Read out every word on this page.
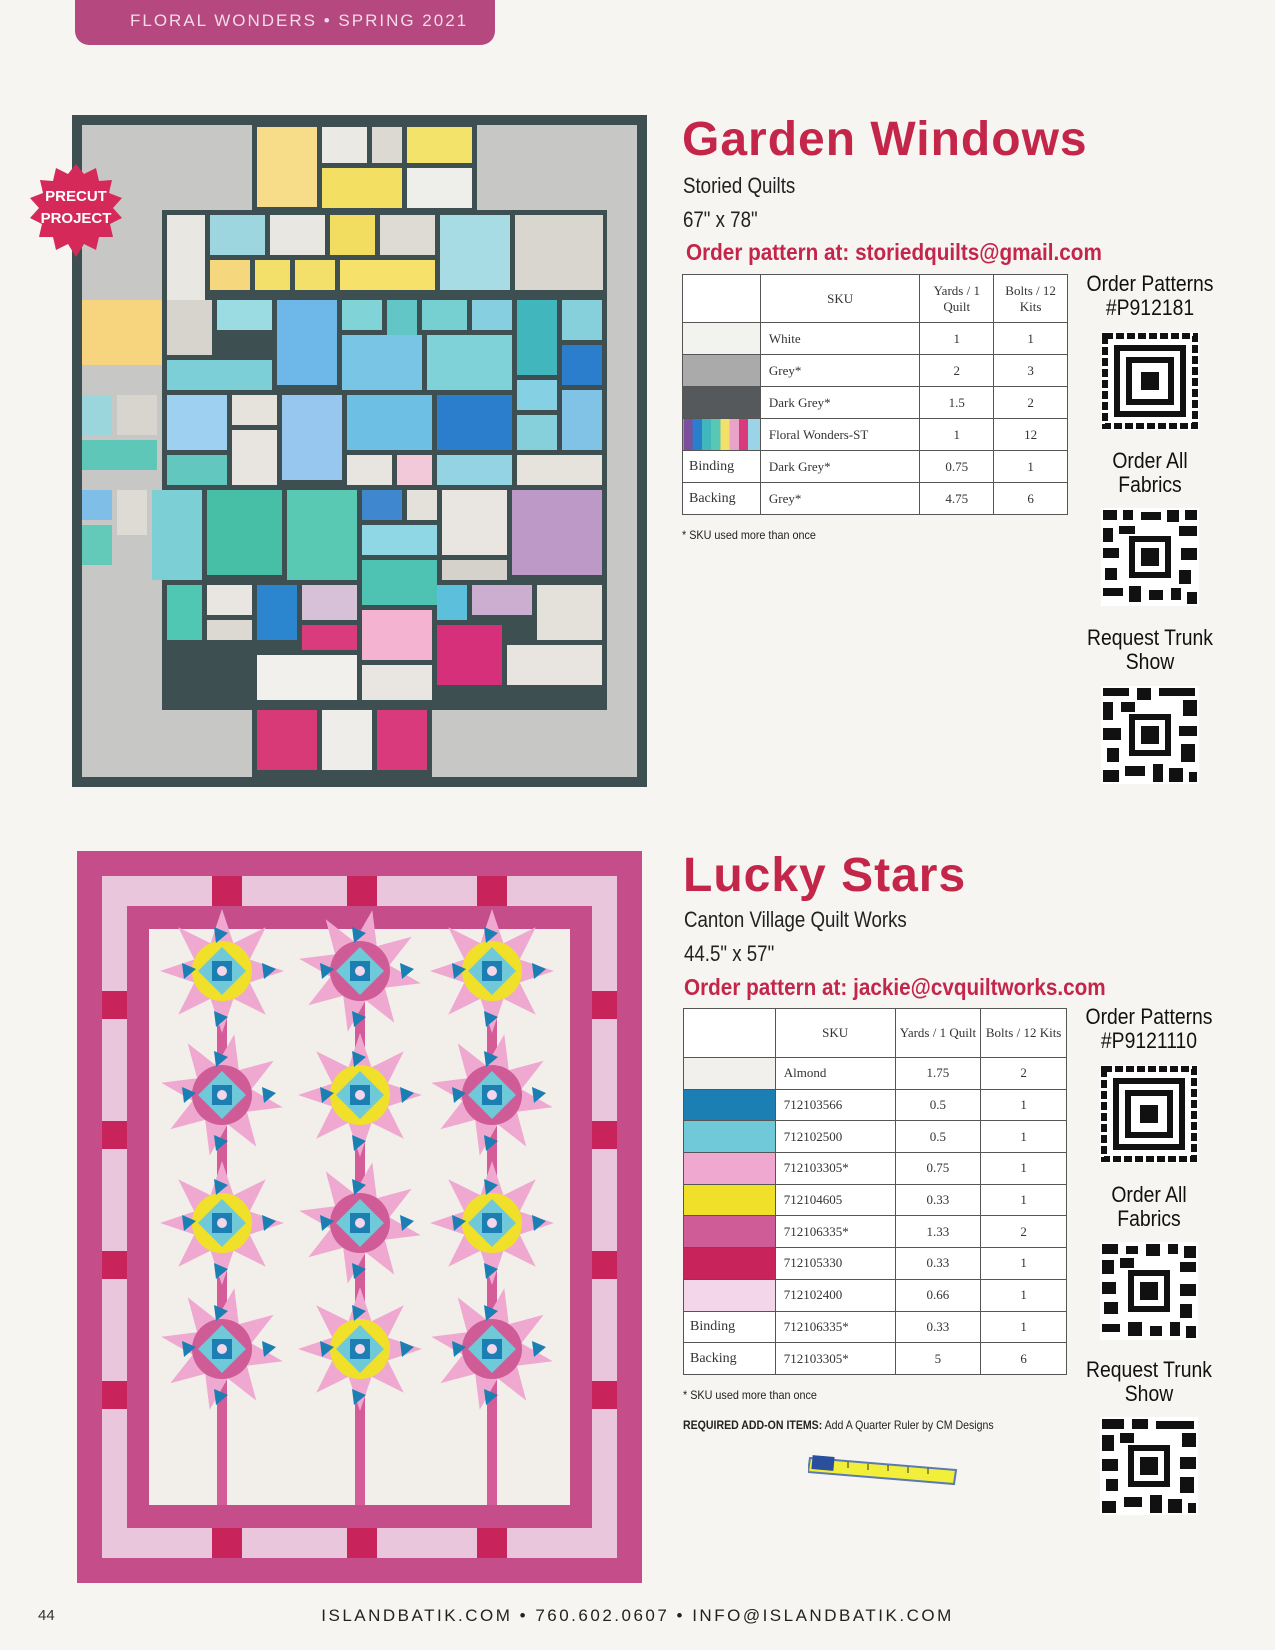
FLORAL WONDERS • SPRING 2021
PRECUT
PROJECT
Garden Windows
Storied Quilts
67" x 78"
Order pattern at: storiedquilts@gmail.com
	SKU	Yards / 1 Quilt	Bolts / 12 Kits
	White	1	1
	Grey*	2	3
	Dark Grey*	1.5	2
	Floral Wonders-ST	1	12
Binding	Dark Grey*	0.75	1
Backing	Grey*	4.75	6
* SKU used more than once
Order Patterns
#P912181
Order All Fabrics
Request Trunk Show
Lucky Stars
Canton Village Quilt Works
44.5" x 57"
Order pattern at: jackie@cvquiltworks.com
	SKU	Yards / 1 Quilt	Bolts / 12 Kits
	Almond	1.75	2
	712103566	0.5	1
	712102500	0.5	1
	712103305*	0.75	1
	712104605	0.33	1
	712106335*	1.33	2
	712105330	0.33	1
	712102400	0.66	1
Binding	712106335*	0.33	1
Backing	712103305*	5	6
* SKU used more than once
REQUIRED ADD-ON ITEMS: Add A Quarter Ruler by CM Designs
Order Patterns
#P9121110
Order All Fabrics
Request Trunk Show
44	ISLANDBATIK.COM • 760.602.0607 • INFO@ISLANDBATIK.COM
